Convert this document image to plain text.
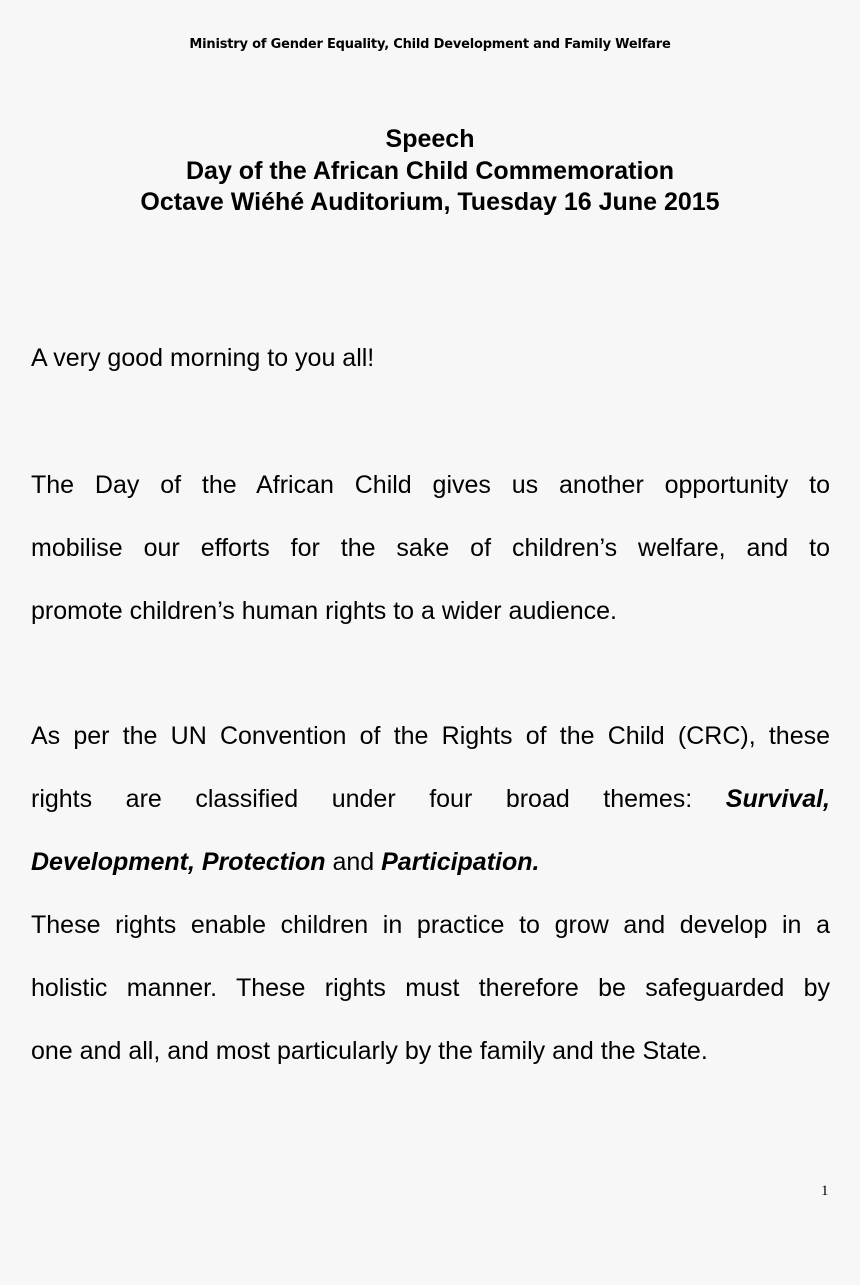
Ministry of Gender Equality, Child Development and Family Welfare
Speech
Day of the African Child Commemoration
Octave Wiéhé Auditorium, Tuesday 16 June 2015
A very good morning to you all!
The Day of the African Child gives us another opportunity to
mobilise our efforts for the sake of children’s welfare, and to
promote children’s human rights to a wider audience.
As per the UN Convention of the Rights of the Child (CRC), these
rights are classified under four broad themes: Survival,
Development, Protection and Participation.
These rights enable children in practice to grow and develop in a
holistic manner. These rights must therefore be safeguarded by
one and all, and most particularly by the family and the State.
1
